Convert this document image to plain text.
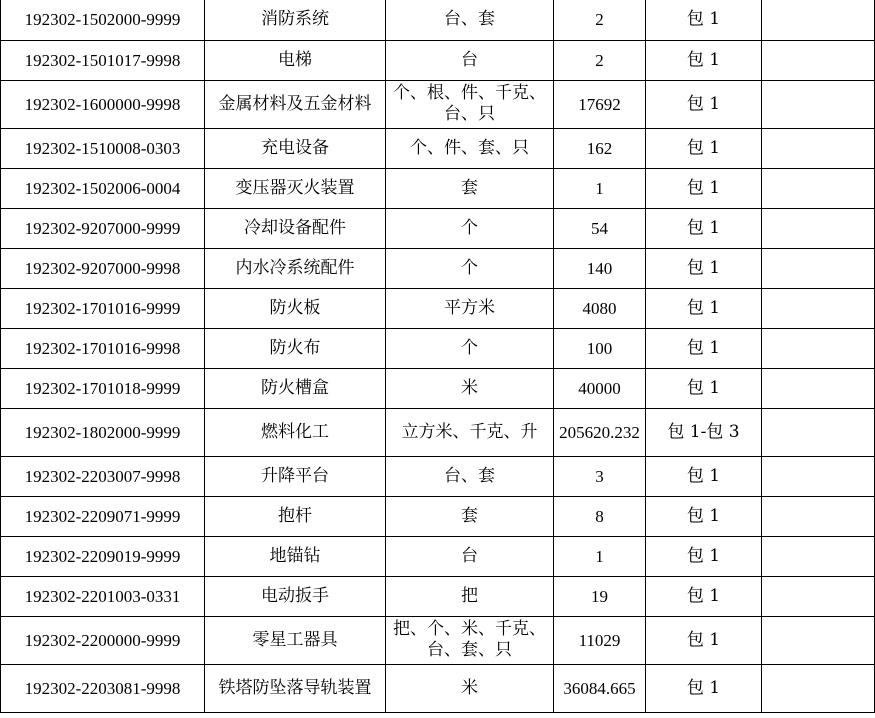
192302-1502000-9999	消防系统	台、套	2	包 1	
192302-1501017-9998	电梯	台	2	包 1	
192302-1600000-9998	金属材料及五金材料	个、根、件、千克、台、只	17692	包 1	
192302-1510008-0303	充电设备	个、件、套、只	162	包 1	
192302-1502006-0004	变压器灭火装置	套	1	包 1	
192302-9207000-9999	冷却设备配件	个	54	包 1	
192302-9207000-9998	内水冷系统配件	个	140	包 1	
192302-1701016-9999	防火板	平方米	4080	包 1	
192302-1701016-9998	防火布	个	100	包 1	
192302-1701018-9999	防火槽盒	米	40000	包 1	
192302-1802000-9999	燃料化工	立方米、千克、升	205620.232	包 1-包 3	
192302-2203007-9998	升降平台	台、套	3	包 1	
192302-2209071-9999	抱杆	套	8	包 1	
192302-2209019-9999	地锚钻	台	1	包 1	
192302-2201003-0331	电动扳手	把	19	包 1	
192302-2200000-9999	零星工器具	把、个、米、千克、台、套、只	11029	包 1	
192302-2203081-9998	铁塔防坠落导轨装置	米	36084.665	包 1	
